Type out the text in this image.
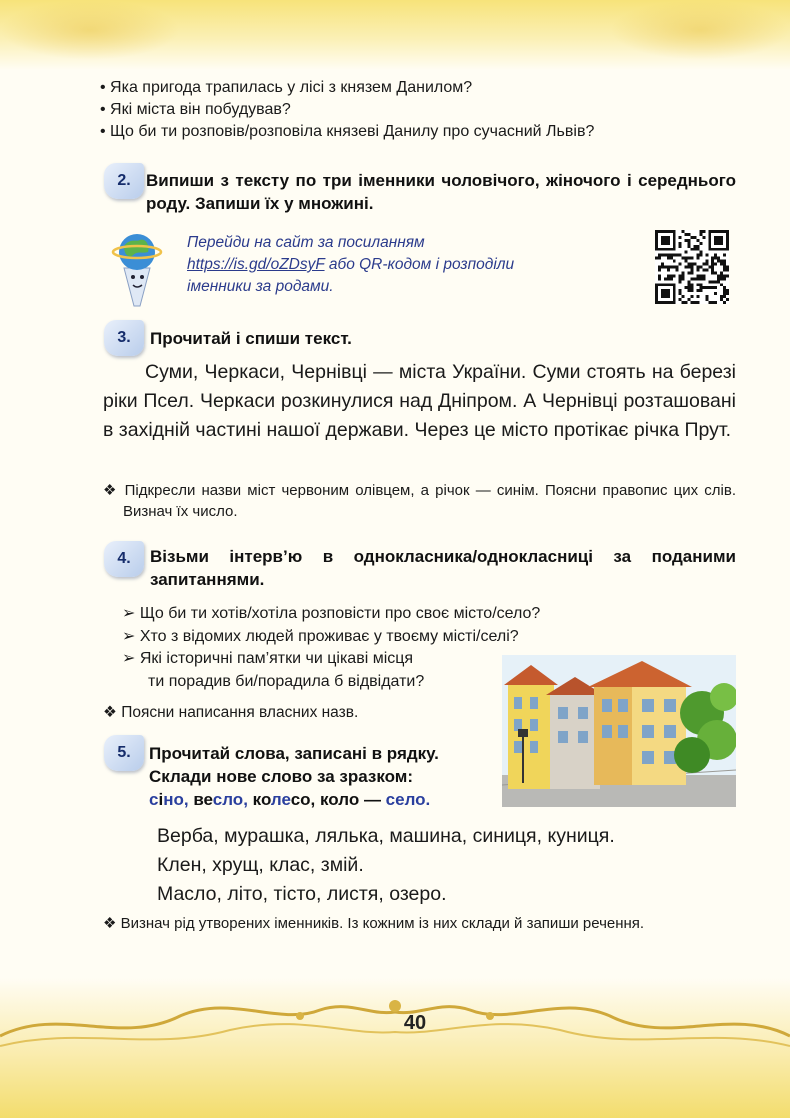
• Яка пригода трапилась у лісі з князем Данилом?
• Які міста він побудував?
• Що би ти розповів/розповіла князеві Данилу про сучасний Львів?
2. Випиши з тексту по три іменники чоловічого, жіночого і середнього роду. Запиши їх у множині.
Перейди на сайт за посиланням
https://is.gd/oZDsyF або QR-кодом і розподіли
іменники за родами.
3.	Прочитай і спиши текст.
Суми, Черкаси, Чернівці — міста України. Суми стоять на березі ріки Псел. Черкаси розкинулися над Дніпром. А Чернівці розташовані в західній частині нашої держави. Через це місто протікає річка Прут.
❖ Підкресли назви міст червоним олівцем, а річок — синім. Поясни правопис цих слів. Визнач їх число.
4.	Візьми інтерв’ю в однокласника/однокласниці за поданими запитаннями.
➢ Що би ти хотів/хотіла розповісти про своє місто/село?
➢ Хто з відомих людей проживає у твоєму місті/селі?
➢ Які історичні пам’ятки чи цікаві місця
ти порадив би/порадила б відвідати?
❖ Поясни написання власних назв.
5.	Прочитай слова, записані в рядку.
Склади нове слово за зразком:
сіно, весло, колесо, коло — село.
Верба, мурашка, лялька, машина, синиця, куниця.
Клен, хрущ, клас, змій.
Масло, літо, тісто, листя, озеро.
❖ Визнач рід утворених іменників. Із кожним із них склади й запиши речення.
40
